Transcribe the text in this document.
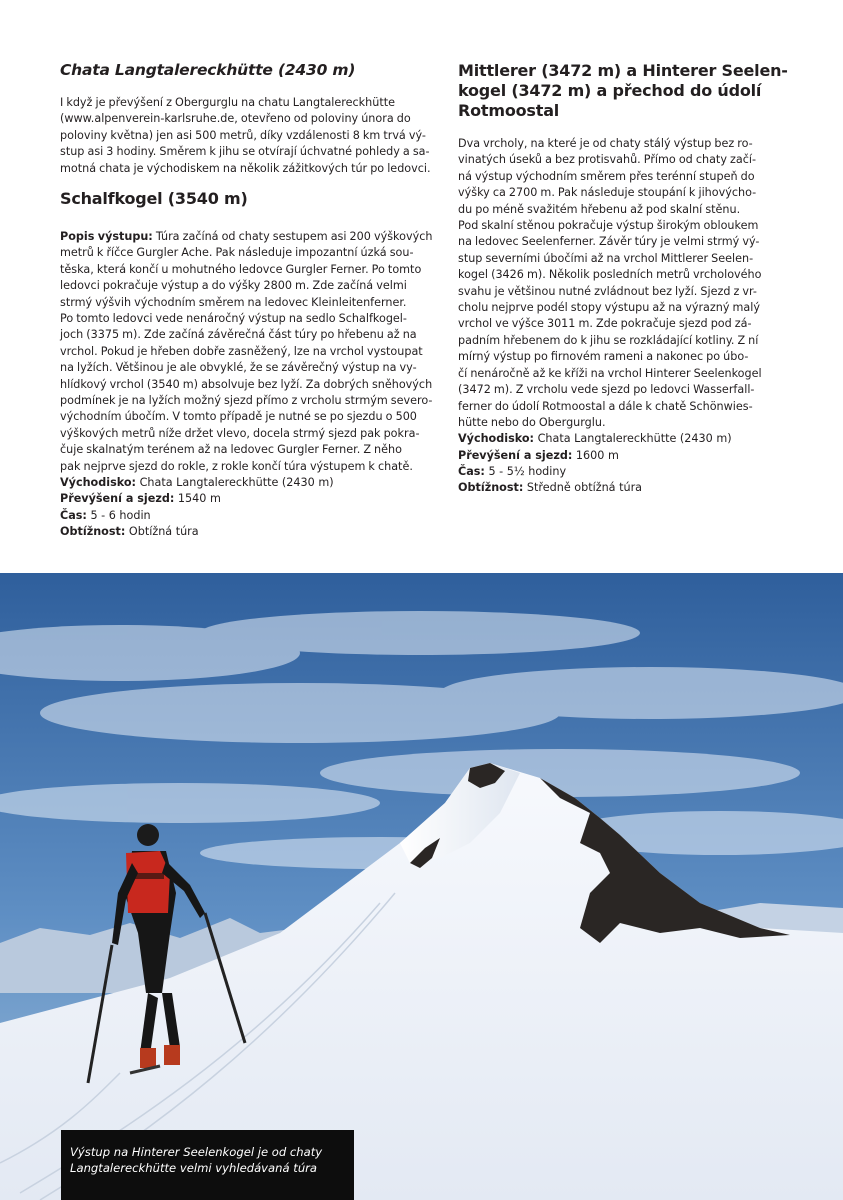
Chata Langtalereckhütte (2430 m)

I když je převýšení z Obergurglu na chatu Langtalereckhütte

(www.alpenverein-karlsruhe.de, otevřeno od poloviny února do

poloviny května) jen asi 500 metrů, díky vzdálenosti 8 km trvá vý-

stup asi 3 hodiny. Směrem k jihu se otvírají úchvatné pohledy a sa-

motná chata je východiskem na několik zážitkových túr po ledovci.

Schalfkogel (3540 m)

Popis výstupu: Túra začíná od chaty sestupem asi 200 výškových

metrů k říčce Gurgler Ache. Pak následuje impozantní úzká sou-

těska, která končí u mohutného ledovce Gurgler Ferner. Po tomto

ledovci pokračuje výstup a do výšky 2800 m. Zde začíná velmi

strmý výšvih východním směrem na ledovec Kleinleitenferner.

Po tomto ledovci vede nenáročný výstup na sedlo Schalfkogel-

joch (3375 m). Zde začíná závěrečná část túry po hřebenu až na

vrchol. Pokud je hřeben dobře zasněžený, lze na vrchol vystoupat

na lyžích. Většinou je ale obvyklé, že se závěrečný výstup na vy-

hlídkový vrchol (3540 m) absolvuje bez lyží. Za dobrých sněhových

podmínek je na lyžích možný sjezd přímo z vrcholu strmým severo-

východním úbočím. V tomto případě je nutné se po sjezdu o 500

výškových metrů níže držet vlevo, docela strmý sjezd pak pokra-

čuje skalnatým terénem až na ledovec Gurgler Ferner. Z něho

pak nejprve sjezd do rokle, z rokle končí túra výstupem k chatě.

Východisko: Chata Langtalereckhütte (2430 m)

Převýšení a sjezd: 1540 m

Čas: 5 - 6 hodin

Obtížnost: Obtížná túra

Mittlerer (3472 m) a Hinterer Seelen-
kogel (3472 m) a přechod do údolí
Rotmoostal

Dva vrcholy, na které je od chaty stálý výstup bez ro-

vinatých úseků a bez protisvahů. Přímo od chaty začí-

ná výstup východním směrem přes terénní stupeň do

výšky ca 2700 m. Pak následuje stoupání k jihovýcho-

du po méně svažitém hřebenu až pod skalní stěnu.

Pod skalní stěnou pokračuje výstup širokým obloukem

na ledovec Seelenferner. Závěr túry je velmi strmý vý-

stup severními úbočími až na vrchol Mittlerer Seelen-

kogel (3426 m). Několik posledních metrů vrcholového

svahu je většinou nutné zvládnout bez lyží. Sjezd z vr-

cholu nejprve podél stopy výstupu až na výrazný malý

vrchol ve výšce 3011 m. Zde pokračuje sjezd pod zá-

padním hřebenem do k jihu se rozkládající kotliny. Z ní

mírný výstup po firnovém rameni a nakonec po úbo-

čí nenáročně až ke kříži na vrchol Hinterer Seelenkogel

(3472 m). Z vrcholu vede sjezd po ledovci Wasserfall-

ferner do údolí Rotmoostal a dále k chatě Schönwies-

hütte nebo do Obergurglu.

Východisko: Chata Langtalereckhütte (2430 m)

Převýšení a sjezd: 1600 m

Čas: 5 - 5½ hodiny

Obtížnost: Středně obtížná túra

Výstup na Hinterer Seelenkogel je od chaty
Langtalereckhütte velmi vyhledávaná túra
